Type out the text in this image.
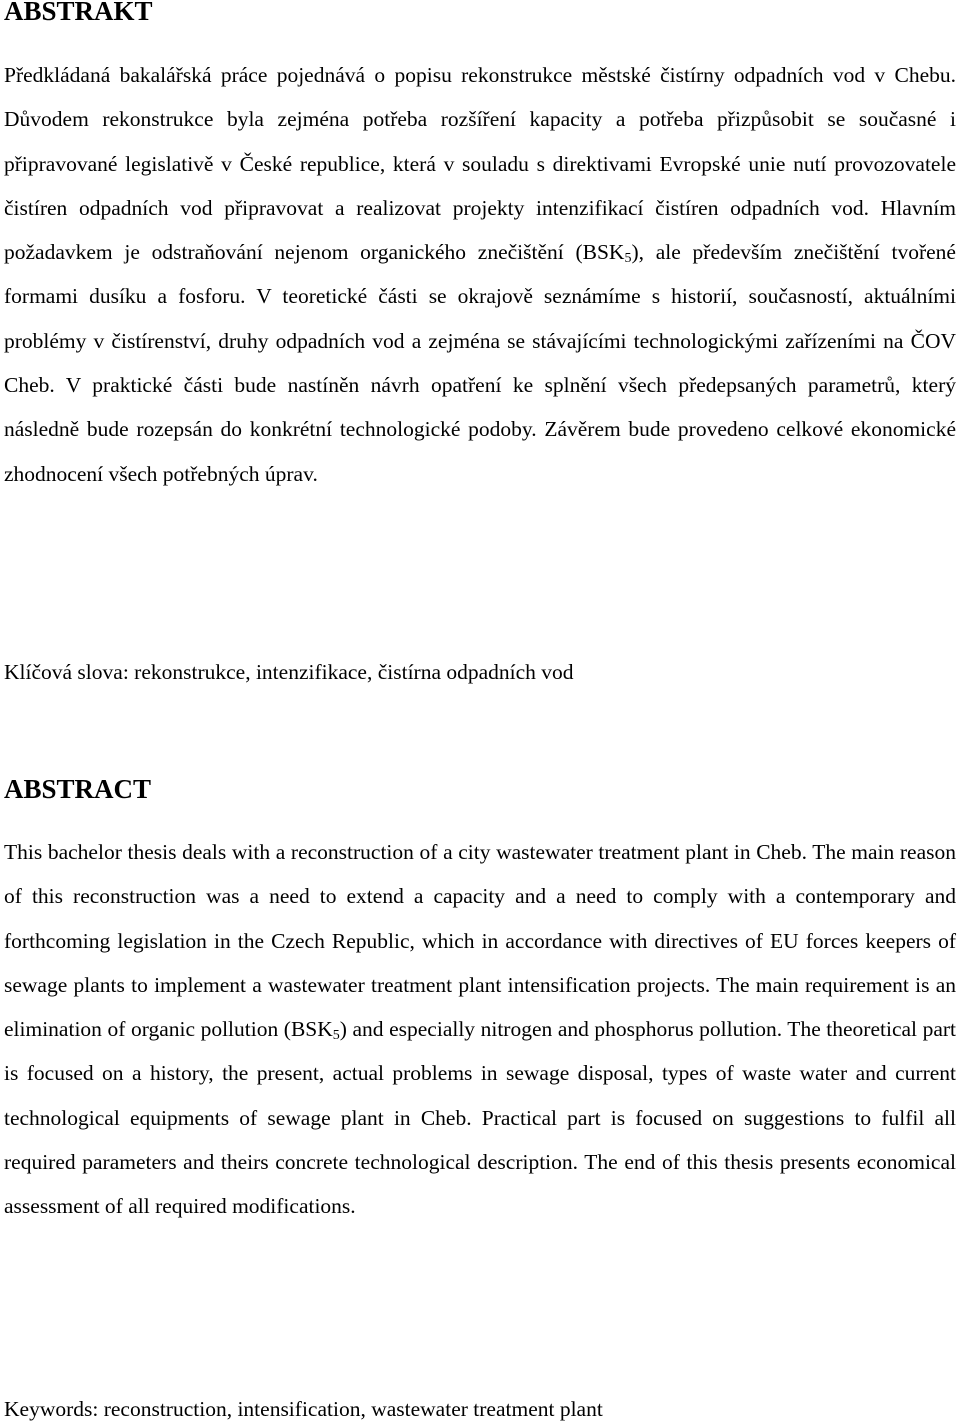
ABSTRAKT

Předkládaná bakalářská práce pojednává o popisu rekonstrukce městské čistírny odpadních vod v Chebu. Důvodem rekonstrukce byla zejména potřeba rozšíření kapacity a potřeba přizpůsobit se současné i připravované legislativě v České republice, která v souladu s direktivami Evropské unie nutí provozovatele čistíren odpadních vod připravovat a realizovat projekty intenzifikací čistíren odpadních vod. Hlavním požadavkem je odstraňování nejenom organického znečištění $(BSK_5)$, ale především znečištění tvořené formami dusíku a fosforu. V teoretické části se okrajově seznámíme s historií, současností, aktuálními problémy v čistírenství, druhy odpadních vod a zejména se stávajícími technologickými zařízeními na ČOV Cheb. V praktické části bude nastíněn návrh opatření ke splnění všech předepsaných parametrů, který následně bude rozepsán do konkrétní technologické podoby. Závěrem bude provedeno celkové ekonomické zhodnocení všech potřebných úprav.

Klíčová slova: rekonstrukce, intenzifikace, čistírna odpadních vod

ABSTRACT

This bachelor thesis deals with a reconstruction of a city wastewater treatment plant in Cheb. The main reason of this reconstruction was a need to extend a capacity and a need to comply with a contemporary and forthcoming legislation in the Czech Republic, which in accordance with directives of EU forces keepers of sewage plants to implement a wastewater treatment plant intensification projects. The main requirement is an elimination of organic pollution $(BSK_5)$ and especially nitrogen and phosphorus pollution. The theoretical part is focused on a history, the present, actual problems in sewage disposal, types of waste water and current technological equipments of sewage plant in Cheb. Practical part is focused on suggestions to fulfil all required parameters and theirs concrete technological description. The end of this thesis presents economical assessment of all required modifications.

Keywords: reconstruction, intensification, wastewater treatment plant
